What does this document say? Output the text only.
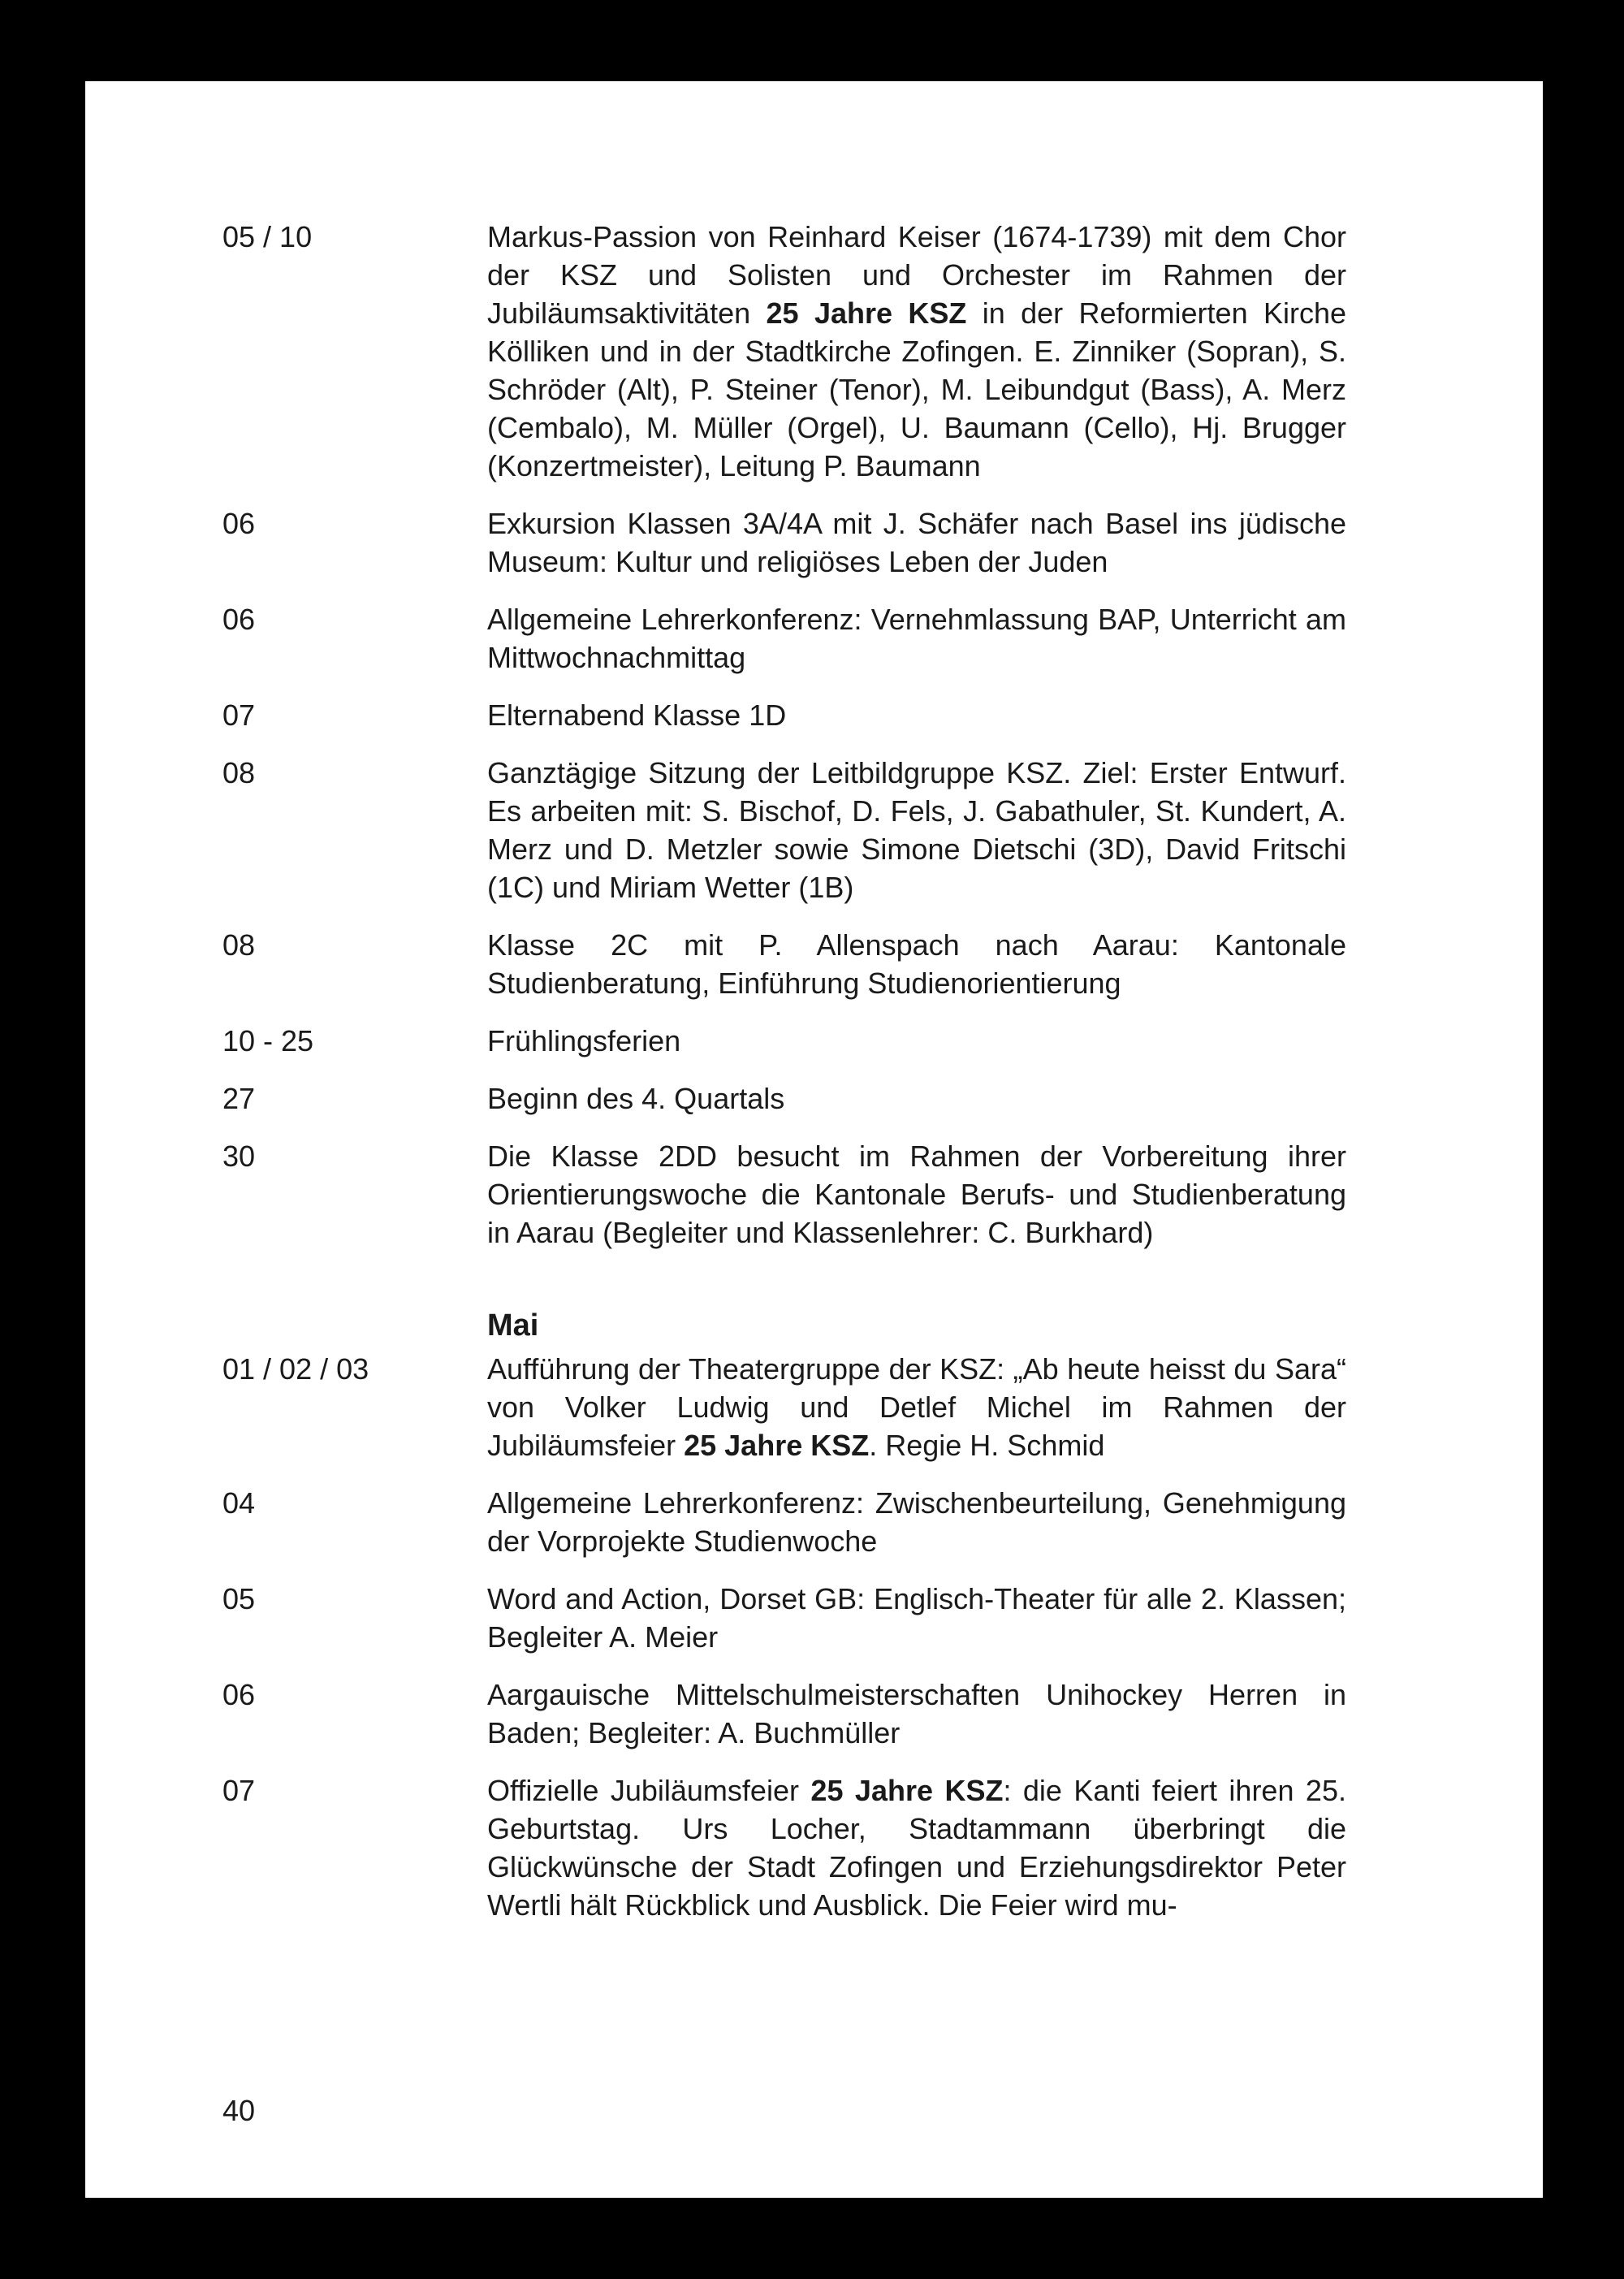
05 / 10	Markus-Passion von Reinhard Keiser (1674-1739) mit dem Chor der KSZ und Solisten und Orchester im Rahmen der Jubiläumsaktivitäten 25 Jahre KSZ in der Reformierten Kirche Kölliken und in der Stadtkirche Zofingen. E. Zinniker (Sopran), S. Schröder (Alt), P. Steiner (Tenor), M. Leibundgut (Bass), A. Merz (Cembalo), M. Müller (Orgel), U. Baumann (Cello), Hj. Brugger (Konzertmeister), Leitung P. Baumann
06	Exkursion Klassen 3A/4A mit J. Schäfer nach Basel ins jüdische Museum: Kultur und religiöses Leben der Juden
06	Allgemeine Lehrerkonferenz: Vernehmlassung BAP, Unterricht am Mittwochnachmittag
07	Elternabend Klasse 1D
08	Ganztägige Sitzung der Leitbildgruppe KSZ. Ziel: Erster Entwurf. Es arbeiten mit: S. Bischof, D. Fels, J. Gabathuler, St. Kundert, A. Merz und D. Metzler sowie Simone Dietschi (3D), David Fritschi (1C) und Miriam Wetter (1B)
08	Klasse 2C mit P. Allenspach nach Aarau: Kantonale Studienberatung, Einführung Studienorientierung
10 - 25	Frühlingsferien
27	Beginn des 4. Quartals
30	Die Klasse 2DD besucht im Rahmen der Vorbereitung ihrer Orientierungswoche die Kantonale Berufs- und Studienberatung in Aarau (Begleiter und Klassenlehrer: C. Burkhard)
Mai
01 / 02 / 03	Aufführung der Theatergruppe der KSZ: „Ab heute heisst du Sara“ von Volker Ludwig und Detlef Michel im Rahmen der Jubiläumsfeier 25 Jahre KSZ. Regie H. Schmid
04	Allgemeine Lehrerkonferenz: Zwischenbeurteilung, Genehmigung der Vorprojekte Studienwoche
05	Word and Action, Dorset GB: Englisch-Theater für alle 2. Klassen; Begleiter A. Meier
06	Aargauische Mittelschulmeisterschaften Unihockey Herren in Baden; Begleiter: A. Buchmüller
07	Offizielle Jubiläumsfeier 25 Jahre KSZ: die Kanti feiert ihren 25. Geburtstag. Urs Locher, Stadtammann überbringt die Glückwünsche der Stadt Zofingen und Erziehungsdirektor Peter Wertli hält Rückblick und Ausblick. Die Feier wird mu-
40
